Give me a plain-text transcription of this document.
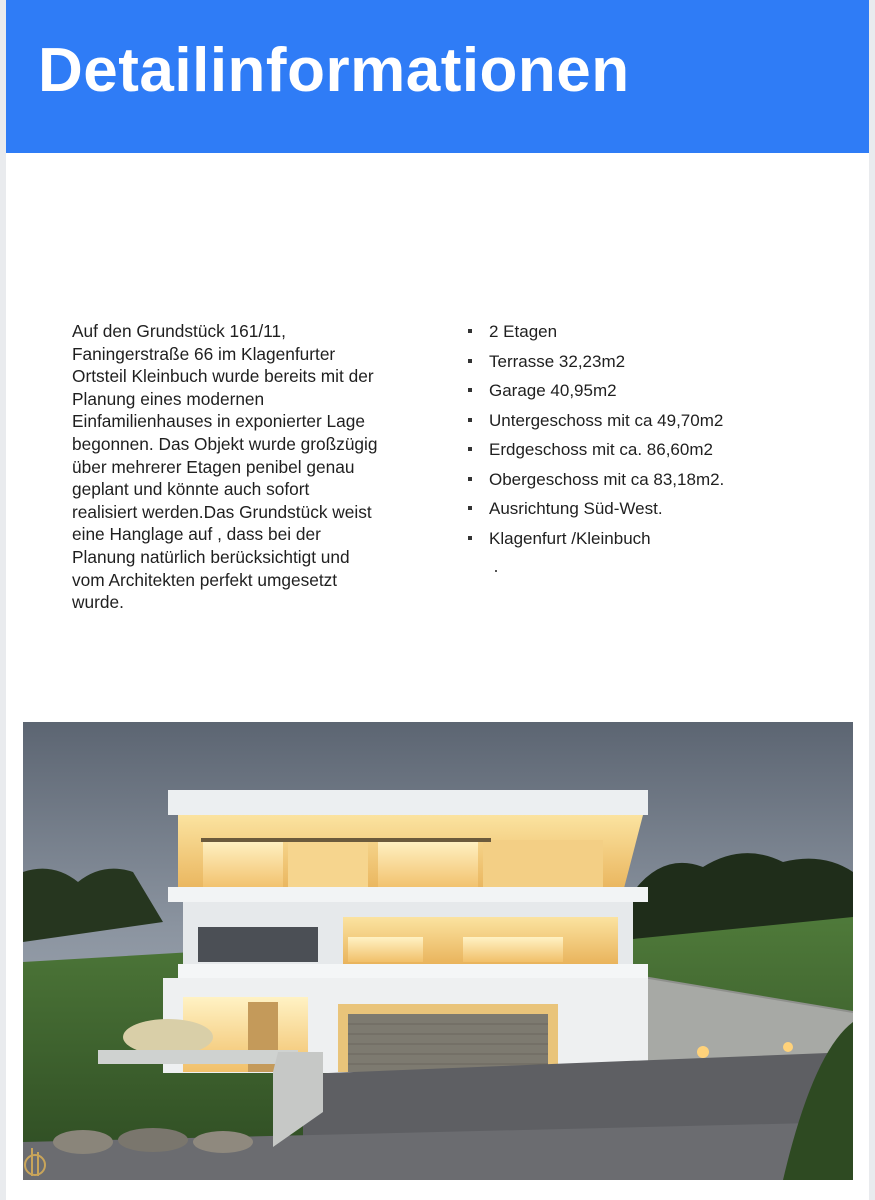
Detailinformationen

Auf den Grundstück 161/11,
Faningerstraße 66 im Klagenfurter
Ortsteil Kleinbuch wurde bereits mit der
Planung eines modernen
Einfamilienhauses in exponierter Lage
begonnen. Das Objekt wurde großzügig
über mehrerer Etagen penibel genau
geplant und könnte auch sofort
realisiert werden.Das Grundstück weist
eine Hanglage auf , dass bei der
Planung natürlich berücksichtigt und
vom Architekten perfekt umgesetzt
wurde.

2 Etagen
Terrasse 32,23m2
Garage 40,95m2
Untergeschoss mit ca 49,70m2
Erdgeschoss mit ca. 86,60m2
Obergeschoss mit ca 83,18m2.
Ausrichtung Süd-West.
Klagenfurt /Kleinbuch
